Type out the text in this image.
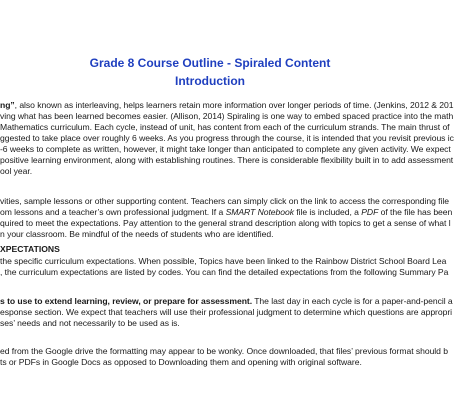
Grade 8 Course Outline - Spiraled Content
Introduction
ng”, also known as interleaving, helps learners retain more information over longer periods of time. (Jenkins, 2012 & 201
ving what has been learned becomes easier. (Allison, 2014) Spiraling is one way to embed spaced practice into the math
Mathematics curriculum. Each cycle, instead of unit, has content from each of the curriculum strands. The main thrust of
ggested to take place over roughly 6 weeks. As you progress through the course, it is intended that you revisit previous ic
-6 weeks to complete as written, however, it might take longer than anticipated to complete any given activity. We expect
positive learning environment, along with establishing routines. There is considerable flexibility built in to add assessment
ool year.
vities, sample lessons or other supporting content. Teachers can simply click on the link to access the corresponding file
om lessons and a teacher’s own professional judgment. If a SMART Notebook file is included, a PDF of the file has been
quired to meet the expectations. Pay attention to the general strand description along with topics to get a sense of what l
n your classroom. Be mindful of the needs of students who are identified.
XPECTATIONS
the specific curriculum expectations. When possible, Topics have been linked to the Rainbow District School Board Lea
, the curriculum expectations are listed by codes. You can find the detailed expectations from the following Summary Pa
s to use to extend learning, review, or prepare for assessment. The last day in each cycle is for a paper-and-pencil a
esponse section. We expect that teachers will use their professional judgment to determine which questions are appropri
ses’ needs and not necessarily to be used as is.
ed from the Google drive the formatting may appear to be wonky. Once downloaded, that files’ previous format should b
ts or PDFs in Google Docs as opposed to Downloading them and opening with original software.
